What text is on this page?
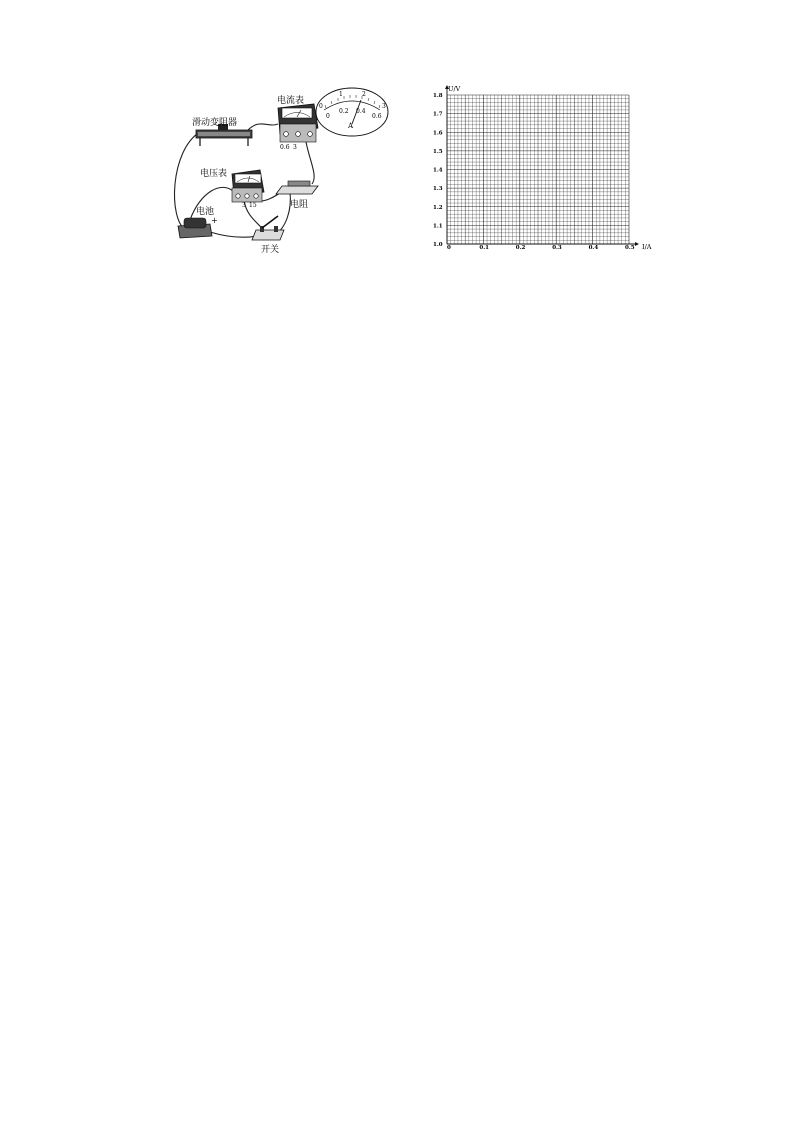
滑动变阻器
电流表
0.6 3
0
1	2
3
0
0.2 0.4
0.6
A
电压表
3 15	电阻
电池
+
开关	0	0.1	0.2	0.3	0.4	0.5
1.0
1.1
1.2
1.3
1.4
1.5
1.6
1.7
1.8
U/V
I/A
